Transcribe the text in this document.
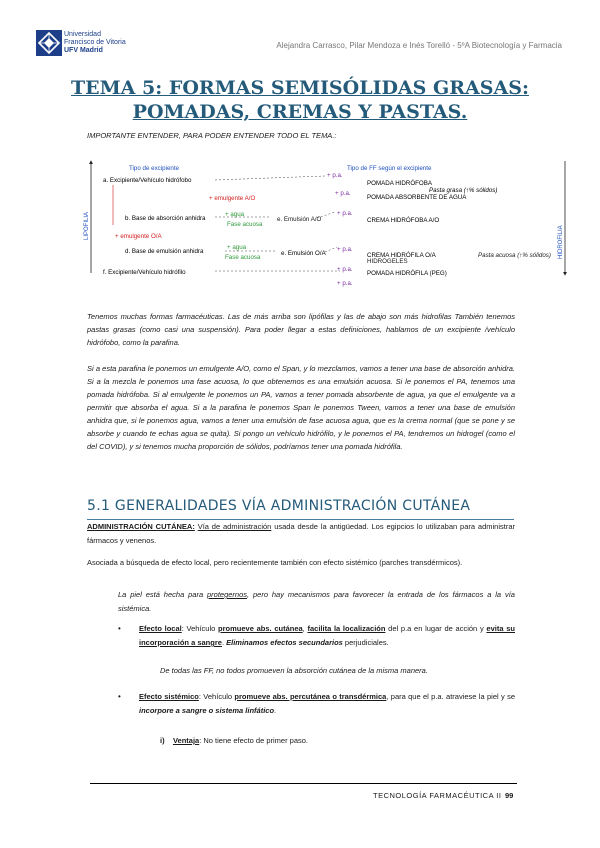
Universidad
Francisco de Vitoria
UFV Madrid
Alejandra Carrasco, Pilar Mendoza e Inés Torelló - 5ºA Biotecnología y Farmacia
TEMA 5: FORMAS SEMISÓLIDAS GRASAS:
POMADAS, CREMAS Y PASTAS.
IMPORTANTE ENTENDER, PARA PODER ENTENDER TODO EL TEMA.:
LIPOFILIA	HIDROFILIA
Tipo de excipiente	Tipo de FF según el excipiente
a. Excipiente/Vehículo hidrófobo
+ emulgente A/O
b. Base de absorción anhidra
+ agua
Fase acuosa
e. Emulsión A/O
+ emulgente O/A
d. Base de emulsión anhidra
+ agua
Fase acuosa
e. Emulsión O/A
f. Excipiente/Vehículo hidrófilo
+ p.a.
+ p.a.
+ p.a.
+ p.a.
+ p.a.
+ p.a.
POMADA HIDRÓFOBA
Pasta grasa (↑% sólidos)
POMADA ABSORBENTE DE AGUA
CREMA HIDRÓFOBA A/O
CREMA HIDRÓFILA O/A
POMADA HIDRÓFILA (PEG)
Pasta acuosa (↑% sólidos)
HIDROGELES
Tenemos muchas formas farmacéuticas. Las de más arriba son lipófilas y las de abajo son más hidrofilas También tenemos pastas grasas (como casi una suspensión). Para poder llegar a estas definiciones, hablamos de un excipiente /vehículo hidrófobo, como la parafina.
Si a esta parafina le ponemos un emulgente A/O, como el Span, y lo mezclamos, vamos a tener una base de absorción anhidra. Si a la mezcla le ponemos una fase acuosa, lo que obtenemos es una emulsión acuosa. Si le ponemos el PA, tenemos una pomada hidrófoba. Si al emulgente le ponemos un PA, vamos a tener pomada absorbente de agua, ya que el emulgente va a permitir que absorba el agua. Si a la parafina le ponemos Span le ponemos Tween, vamos a tener una base de emulsión anhidra que, si le ponemos agua, vamos a tener una emulsión de fase acuosa agua, que es la crema normal (que se pone y se absorbe y cuando te echas agua se quita). Si pongo un vehículo hidrófilo, y le ponemos el PA, tendremos un hidrogel (como el del COVID), y si tenemos mucha proporción de sólidos, podríamos tener una pomada hidrófila.
5.1 GENERALIDADES VÍA ADMINISTRACIÓN CUTÁNEA
ADMINISTRACIÓN CUTÁNEA: Vía de administración usada desde la antigüedad. Los egipcios lo utilizaban para administrar fármacos y venenos.
Asociada a búsqueda de efecto local, pero recientemente también con efecto sistémico (parches transdérmicos).
La piel está hecha para protegernos, pero hay mecanismos para favorecer la entrada de los fármacos a la vía sistémica.
• Efecto local: Vehículo promueve abs. cutánea, facilita la localización del p.a en lugar de acción y evita su incorporación a sangre. Eliminamos efectos secundarios perjudiciales.
De todas las FF, no todos promueven la absorción cutánea de la misma manera.
• Efecto sistémico: Vehículo promueve abs. percutánea o transdérmica, para que el p.a. atraviese la piel y se incorpore a sangre o sistema linfático.
i) Ventaja: No tiene efecto de primer paso.
TECNOLOGÍA FARMACÉUTICA II 99
